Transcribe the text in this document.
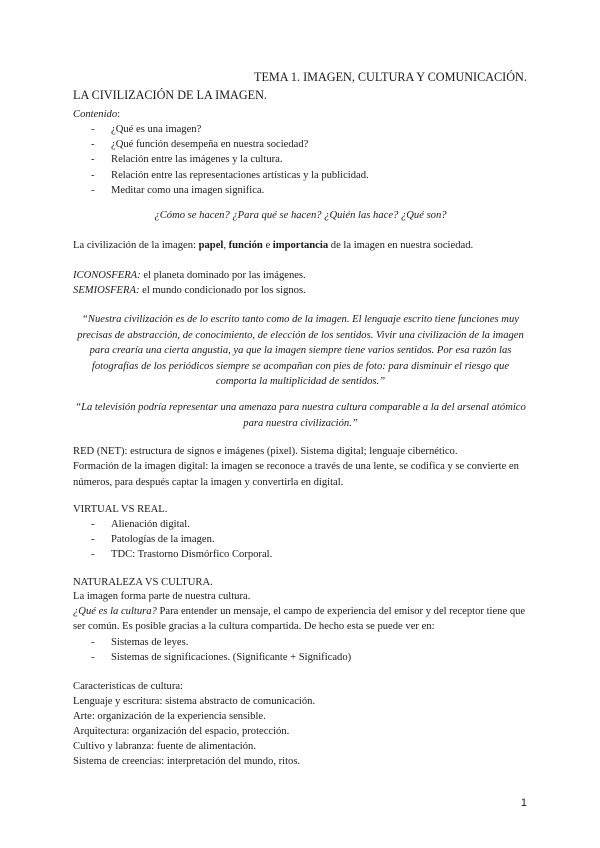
TEMA 1. IMAGEN, CULTURA Y COMUNICACIÓN.
LA CIVILIZACIÓN DE LA IMAGEN.
Contenido:
- ¿Qué es una imagen?
- ¿Qué función desempeña en nuestra sociedad?
- Relación entre las imágenes y la cultura.
- Relación entre las representaciones artísticas y la publicidad.
- Meditar como una imagen significa.
¿Cómo se hacen? ¿Para qué se hacen? ¿Quién las hace? ¿Qué son?
La civilización de la imagen: papel, función e importancia de la imagen en nuestra sociedad.
ICONOSFERA: el planeta dominado por las imágenes.
SEMIOSFERA: el mundo condicionado por los signos.
“Nuestra civilización es de lo escrito tanto como de la imagen. El lenguaje escrito tiene funciones muy precisas de abstracción, de conocimiento, de elección de los sentidos. Vivir una civilización de la imagen para crearía una cierta angustia, ya que la imagen siempre tiene varios sentidos. Por esa razón las fotografías de los periódicos siempre se acompañan con pies de foto: para disminuir el riesgo que comporta la multiplicidad de sentidos.”
“La televisión podría representar una amenaza para nuestra cultura comparable a la del arsenal atómico para nuestra civilización.”
RED (NET): estructura de signos e imágenes (pixel). Sistema digital; lenguaje cibernético.
Formación de la imagen digital: la imagen se reconoce a través de una lente, se codifica y se convierte en números, para después captar la imagen y convertirla en digital.
VIRTUAL VS REAL.
- Alienación digital.
- Patologías de la imagen.
- TDC: Trastorno Dismórfico Corporal.
NATURALEZA VS CULTURA.
La imagen forma parte de nuestra cultura.
¿Qué es la cultura? Para entender un mensaje, el campo de experiencia del emisor y del receptor tiene que ser común. Es posible gracias a la cultura compartida. De hecho esta se puede ver en:
- Sistemas de leyes.
- Sistemas de significaciones. (Significante + Significado)
Características de cultura:
Lenguaje y escritura: sistema abstracto de comunicación.
Arte: organización de la experiencia sensible.
Arquitectura: organización del espacio, protección.
Cultivo y labranza: fuente de alimentación.
Sistema de creencias: interpretación del mundo, ritos.
1
